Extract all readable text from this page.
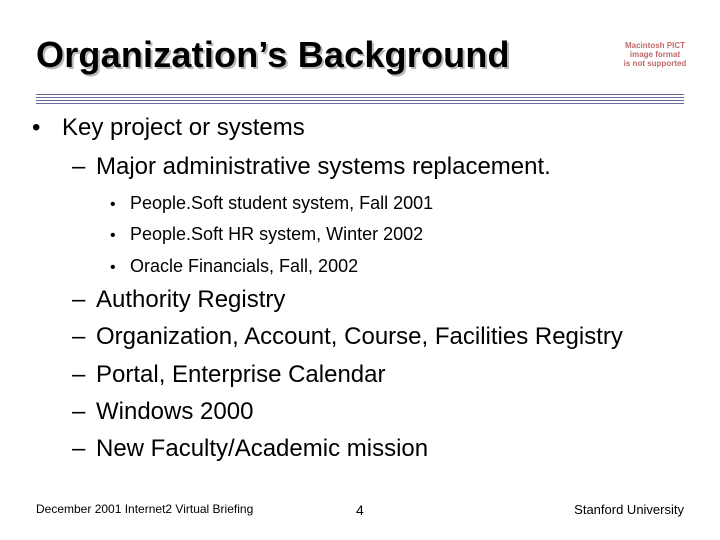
Organization’s Background	Macintosh PICT
image format
is not supported
• Key project or systems
– Major administrative systems replacement.
• People.Soft student system, Fall 2001
• People.Soft HR system, Winter 2002
• Oracle Financials, Fall, 2002
– Authority Registry
– Organization, Account, Course, Facilities Registry
– Portal, Enterprise Calendar
– Windows 2000
– New Faculty/Academic mission
December 2001 Internet2 Virtual Briefing	4	Stanford University
